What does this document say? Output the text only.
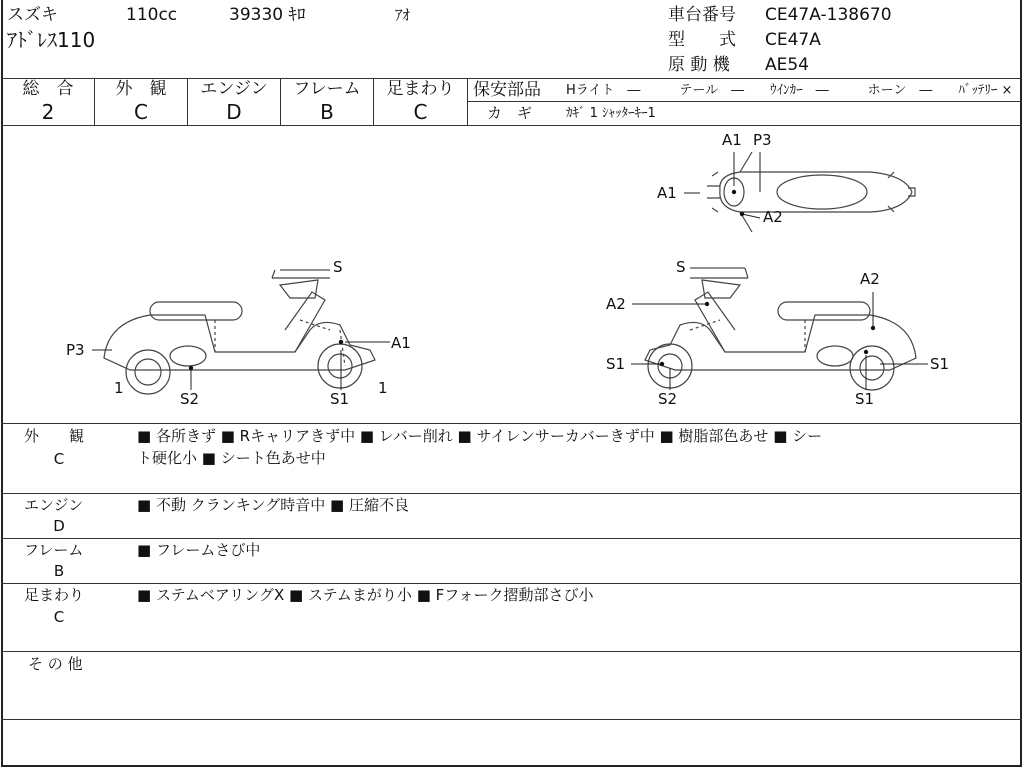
スズキ	110cc	39330 ｷﾛ	ｱｵ
ｱﾄﾞﾚｽ110
車台番号 CE47A-138670
型　　式 CE47A
原 動 機 AE54
総　合
2
外　観
C
エンジン
D
フレーム
B
足まわり
C
保安部品 Hライト　―　　　テール　―　　ｳｲﾝｶｰ　―　　　ホーン　―　　ﾊﾞｯﾃﾘｰ ×
カ　ギ	ｶｷﾞ 1 ｼｬｯﾀｰｷｰ1
S
P3	A1
1	1
S2	S1
S
A2
A2
S1	S1
S2	S1
A1 P3
A1
A2
外　　観
C
■ 各所きず ■ Rキャリアきず中 ■ レバー削れ ■ サイレンサーカバーきず中 ■ 樹脂部色あせ ■ シー
ト硬化小 ■ シート色あせ中
エンジン
D
■ 不動 クランキング時音中 ■ 圧縮不良
フレーム
B
■ フレームさび中
足まわり
C
■ ステムベアリングX ■ ステムまがり小 ■ Fフォーク摺動部さび小
そ の 他
